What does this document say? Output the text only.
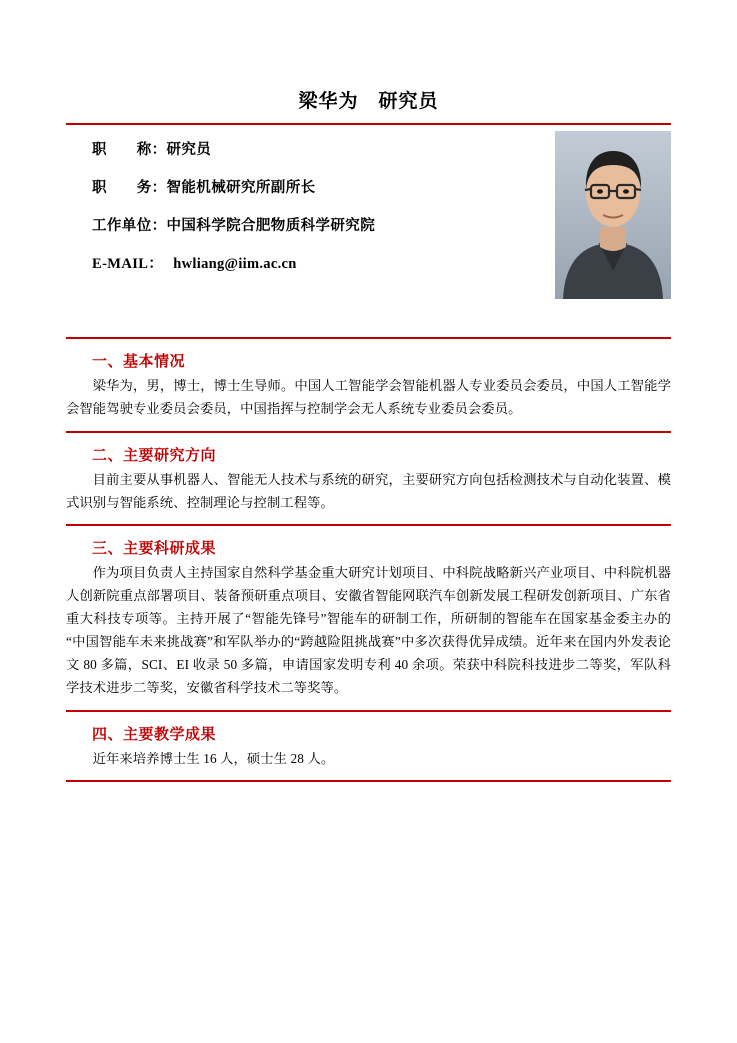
梁华为　研究员

职　　称：研究员

职　　务：智能机械研究所副所长

工作单位：中国科学院合肥物质科学研究院

E-MAIL： hwliang@iim.ac.cn

一、基本情况

梁华为，男，博士，博士生导师。中国人工智能学会智能机器人专业委员会委员，中国人工智能学会智能驾驶专业委员会委员，中国指挥与控制学会无人系统专业委员会委员。

二、主要研究方向

目前主要从事机器人、智能无人技术与系统的研究，主要研究方向包括检测技术与自动化装置、模式识别与智能系统、控制理论与控制工程等。

三、主要科研成果

作为项目负责人主持国家自然科学基金重大研究计划项目、中科院战略新兴产业项目、中科院机器人创新院重点部署项目、装备预研重点项目、安徽省智能网联汽车创新发展工程研发创新项目、广东省重大科技专项等。主持开展了“智能先锋号”智能车的研制工作，所研制的智能车在国家基金委主办的“中国智能车未来挑战赛”和军队举办的“跨越险阻挑战赛”中多次获得优异成绩。近年来在国内外发表论文 80 多篇，SCI、EI 收录 50 多篇，申请国家发明专利 40 余项。荣获中科院科技进步二等奖，军队科学技术进步二等奖，安徽省科学技术二等奖等。

四、主要教学成果

近年来培养博士生 16 人，硕士生 28 人。
